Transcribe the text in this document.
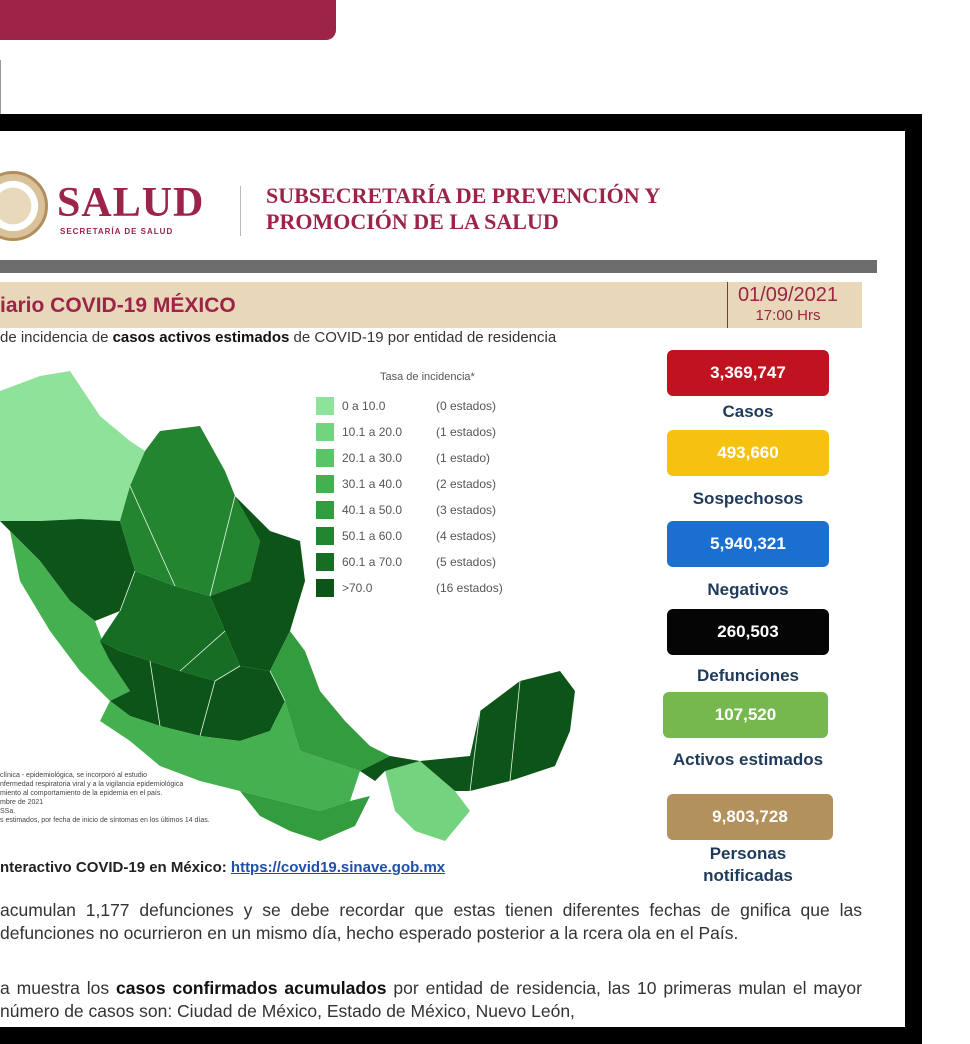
SALUD
SECRETARÍA DE SALUD
SUBSECRETARÍA DE PREVENCIÓN Y
PROMOCIÓN DE LA SALUD
iario COVID-19 MÉXICO	01/09/2021
17:00 Hrs
de incidencia de casos activos estimados de COVID-19 por entidad de residencia
Tasa de incidencia*
0 a 10.0	(0 estados)
10.1 a 20.0	(1 estados)
20.1 a 30.0	(1 estado)
30.1 a 40.0	(2 estados)
40.1 a 50.0	(3 estados)
50.1 a 60.0	(4 estados)
60.1 a 70.0	(5 estados)
>70.0	(16 estados)
3,369,747
Casos
493,660
Sospechosos
5,940,321
Negativos
260,503
Defunciones
107,520
Activos estimados
9,803,728
Personas notificadas
clínica - epidemiológica, se incorporó al estudio
nfermedad respiratoria viral y a la vigilancia epidemiológica
miento al comportamiento de la epidemia en el país.
mbre de 2021
SSa.
s estimados, por fecha de inicio de síntomas en los últimos 14 días.
nteractivo COVID-19 en México: https://covid19.sinave.gob.mx
acumulan 1,177 defunciones y se debe recordar que estas tienen diferentes fechas de gnifica que las defunciones no ocurrieron en un mismo día, hecho esperado posterior a la rcera ola en el País.
a muestra los casos confirmados acumulados por entidad de residencia, las 10 primeras mulan el mayor número de casos son: Ciudad de México, Estado de México, Nuevo León,
